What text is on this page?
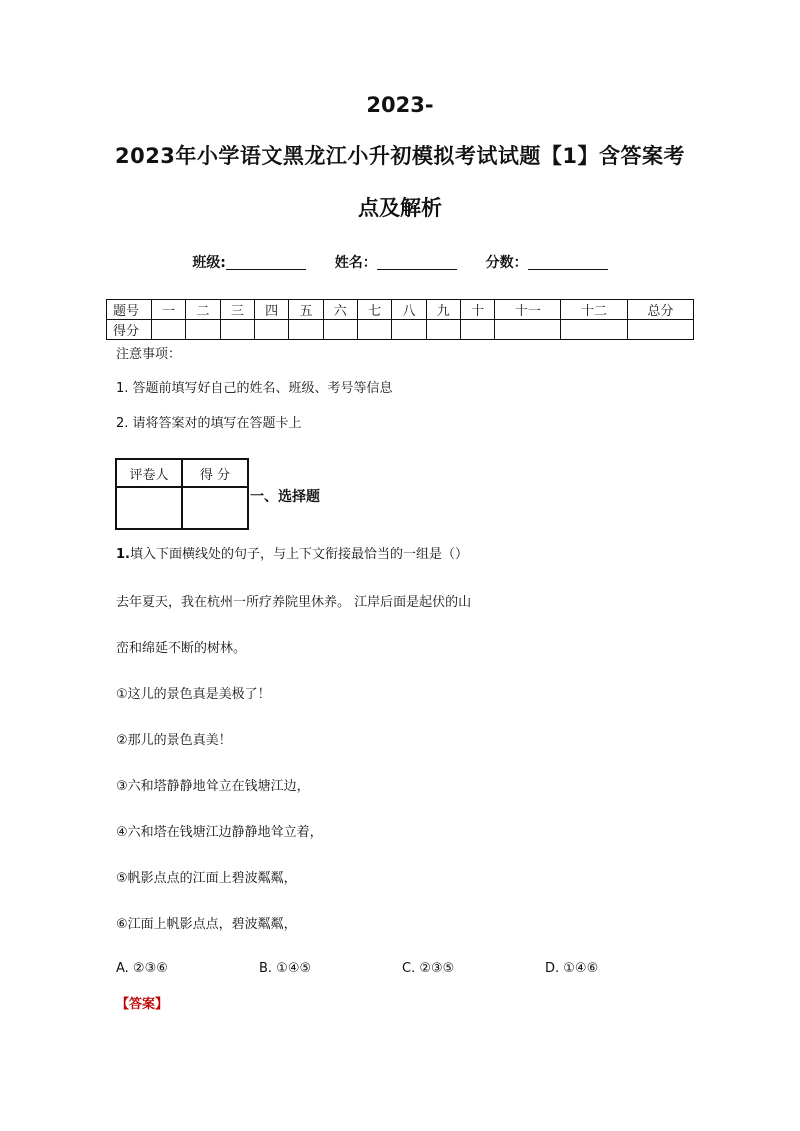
2023-
2023年小学语文黑龙江小升初模拟考试试题【1】含答案考
点及解析
班级:	姓名：	分数：
题号	一	二	三	四	五	六	七	八	九	十	十一	十二	总分
得分													
注意事项：
1. 答题前填写好自己的姓名、班级、考号等信息
2. 请将答案对的填写在答题卡上
评卷人	得 分

一、选择题
1.填入下面横线处的句子，与上下文衔接最恰当的一组是（）
去年夏天，我在杭州一所疗养院里休养。 江岸后面是起伏的山
峦和绵延不断的树林。
①这儿的景色真是美极了！
②那儿的景色真美！
③六和塔静静地耸立在钱塘江边，
④六和塔在钱塘江边静静地耸立着，
⑤帆影点点的江面上碧波粼粼，
⑥江面上帆影点点，碧波粼粼，
A. ②③⑥	B. ①④⑤	C. ②③⑤	D. ①④⑥
【答案】
